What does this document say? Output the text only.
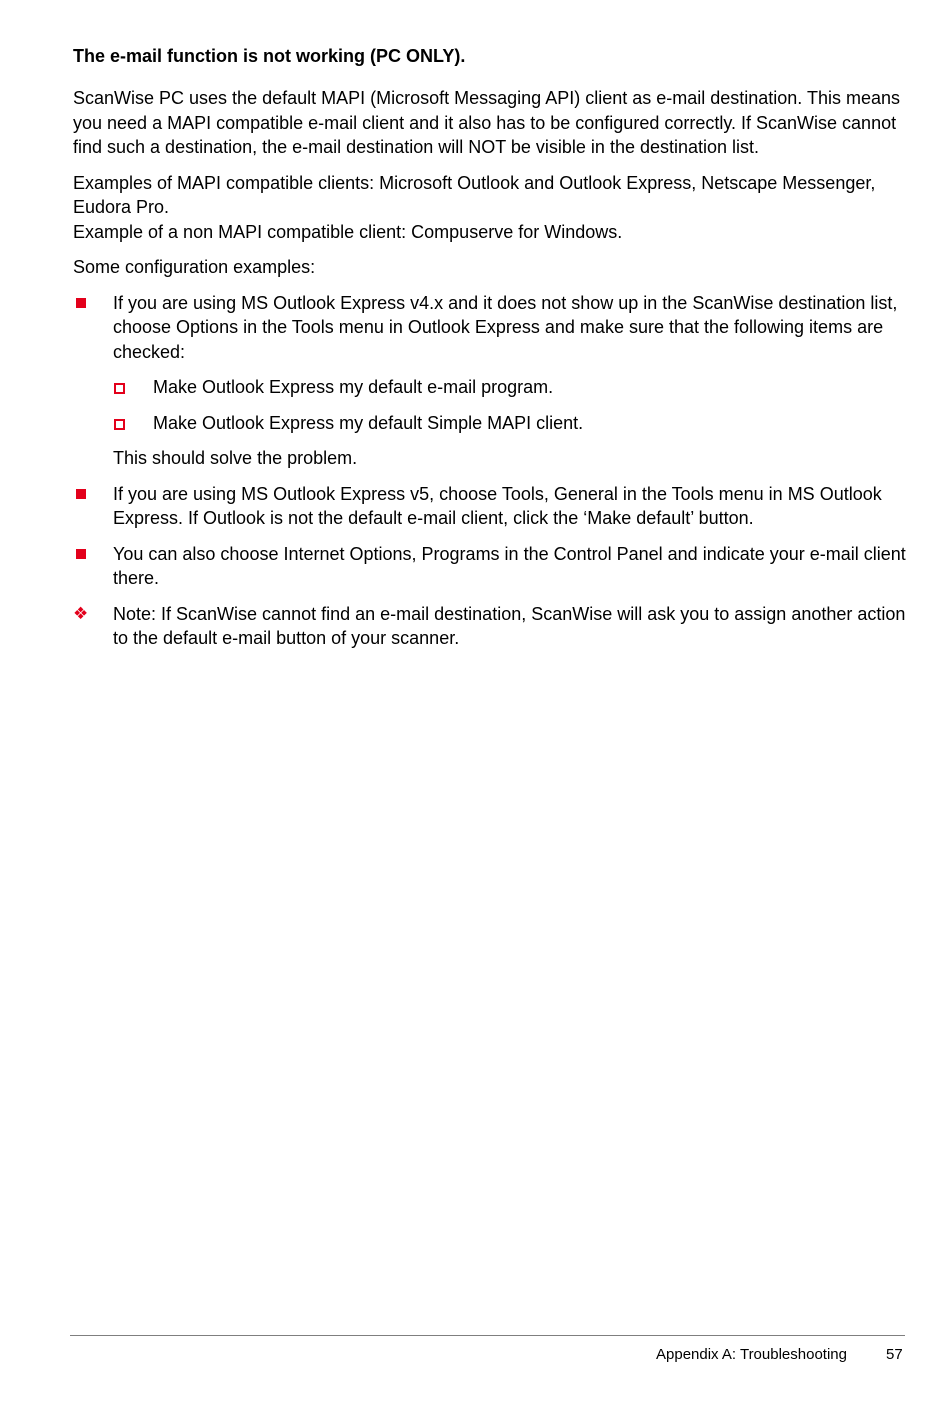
The e-mail function is not working (PC ONLY).
ScanWise PC uses the default MAPI (Microsoft Messaging API) client as e-mail destination. This means you need a MAPI compatible e-mail client and it also has to be configured correctly. If ScanWise cannot find such a destination, the e-mail destination will NOT be visible in the destination list.
Examples of MAPI compatible clients: Microsoft Outlook and Outlook Express, Netscape Messenger, Eudora Pro.
Example of a non MAPI compatible client: Compuserve for Windows.
Some configuration examples:
If you are using MS Outlook Express v4.x and it does not show up in the ScanWise destination list, choose Options in the Tools menu in Outlook Express and make sure that the following items are checked:
Make Outlook Express my default e-mail program.
Make Outlook Express my default Simple MAPI client.
This should solve the problem.
If you are using MS Outlook Express v5, choose Tools, General in the Tools menu in MS Outlook Express. If Outlook is not the default e-mail client, click the ‘Make default’ button.
You can also choose Internet Options, Programs in the Control Panel and indicate your e-mail client there.
❖ Note: If ScanWise cannot find an e-mail destination, ScanWise will ask you to assign another action to the default e-mail button of your scanner.
Appendix A: Troubleshooting	57
